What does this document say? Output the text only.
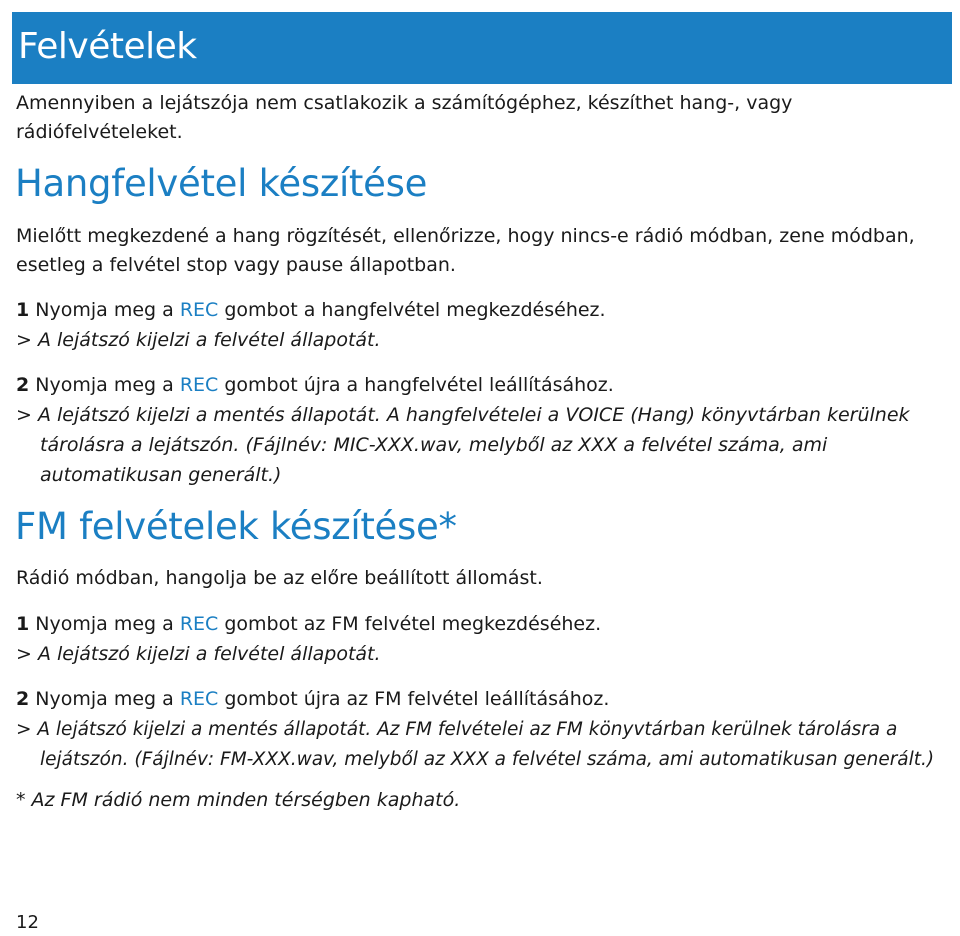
Felvételek

Amennyiben a lejátszója nem csatlakozik a számítógéphez, készíthet hang-, vagy

rádiófelvételeket.

Hangfelvétel készítése

Mielőtt megkezdené a hang rögzítését, ellenőrizze, hogy nincs-e rádió módban, zene módban,

esetleg a felvétel stop vagy pause állapotban.

1 Nyomja meg a REC gombot a hangfelvétel megkezdéséhez.

> A lejátszó kijelzi a felvétel állapotát.

2 Nyomja meg a REC gombot újra a hangfelvétel leállításához.

> A lejátszó kijelzi a mentés állapotát. A hangfelvételei a VOICE (Hang) könyvtárban kerülnek

tárolásra a lejátszón. (Fájlnév: MIC-XXX.wav, melyből az XXX a felvétel száma, ami

automatikusan generált.)

FM felvételek készítése*

Rádió módban, hangolja be az előre beállított állomást.

1 Nyomja meg a REC gombot az FM felvétel megkezdéséhez.

> A lejátszó kijelzi a felvétel állapotát.

2 Nyomja meg a REC gombot újra az FM felvétel leállításához.

> A lejátszó kijelzi a mentés állapotát. Az FM felvételei az FM könyvtárban kerülnek tárolásra a

lejátszón. (Fájlnév: FM-XXX.wav, melyből az XXX a felvétel száma, ami automatikusan generált.)

* Az FM rádió nem minden térségben kapható.

12
